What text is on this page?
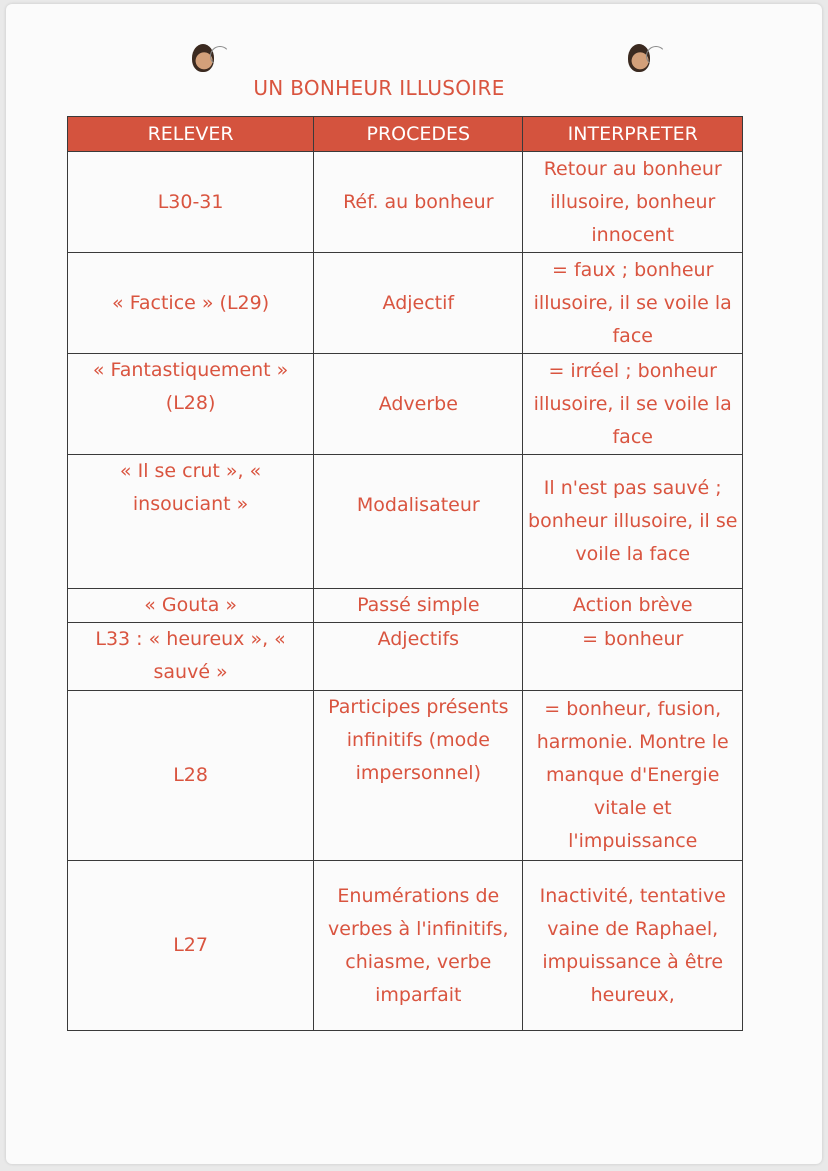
UN BONHEUR ILLUSOIRE
RELEVER	PROCEDES	INTERPRETER
L30-31	Réf. au bonheur	Retour au bonheur illusoire, bonheur innocent
« Factice » (L29)	Adjectif	= faux ; bonheur illusoire, il se voile la face
« Fantastiquement » (L28)	Adverbe	= irréel ; bonheur illusoire, il se voile la face
« Il se crut », « insouciant »	Modalisateur	Il n'est pas sauvé ; bonheur illusoire, il se voile la face
« Gouta »	Passé simple	Action brève
L33 : « heureux », « sauvé »	Adjectifs	= bonheur
L28	Participes présents infinitifs (mode impersonnel)	= bonheur, fusion, harmonie. Montre le manque d'Energie vitale et l'impuissance
L27	Enumérations de verbes à l'infinitifs, chiasme, verbe imparfait	Inactivité, tentative vaine de Raphael, impuissance à être heureux,
